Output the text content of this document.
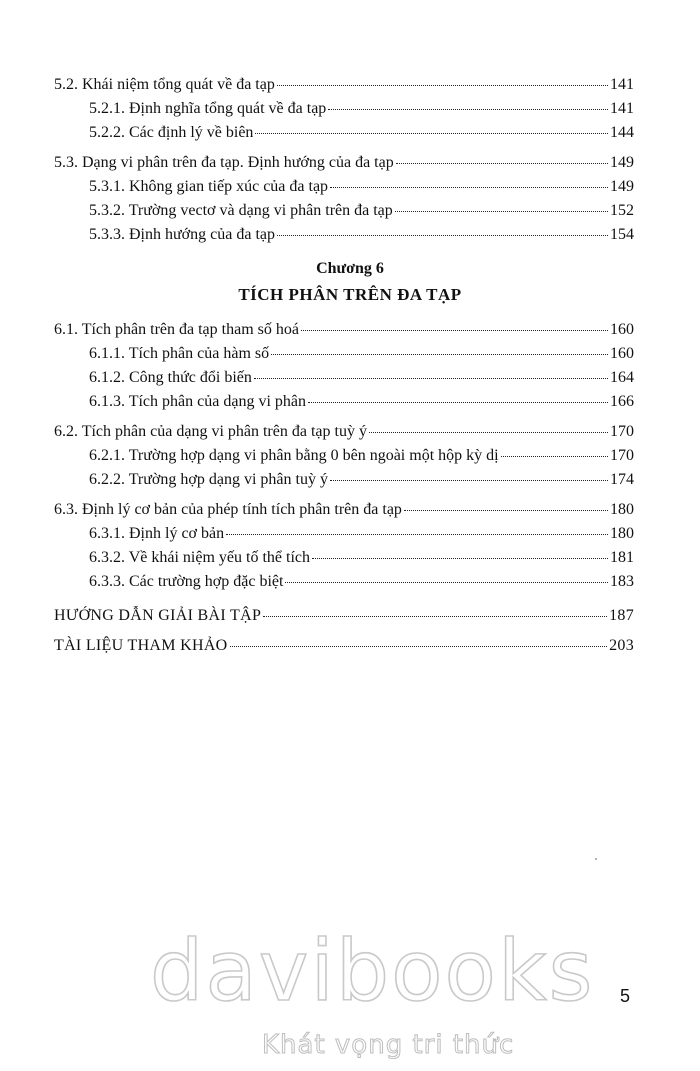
5.2. Khái niệm tổng quát về đa tạp	141
5.2.1. Định nghĩa tổng quát về đa tạp	141
5.2.2. Các định lý về biên	144
5.3. Dạng vi phân trên đa tạp. Định hướng của đa tạp	149
5.3.1. Không gian tiếp xúc của đa tạp	149
5.3.2. Trường vectơ và dạng vi phân trên đa tạp	152
5.3.3. Định hướng của đa tạp	154
Chương 6
TÍCH PHÂN TRÊN ĐA TẠP
6.1. Tích phân trên đa tạp tham số hoá	160
6.1.1. Tích phân của hàm số	160
6.1.2. Công thức đổi biến	164
6.1.3. Tích phân của dạng vi phân	166
6.2. Tích phân của dạng vi phân trên đa tạp tuỳ ý	170
6.2.1. Trường hợp dạng vi phân bằng 0 bên ngoài một hộp kỳ dị	170
6.2.2. Trường hợp dạng vi phân tuỳ ý	174
6.3. Định lý cơ bản của phép tính tích phân trên đa tạp	180
6.3.1. Định lý cơ bản	180
6.3.2. Về khái niệm yếu tố thể tích	181
6.3.3. Các trường hợp đặc biệt	183
HƯỚNG DẪN GIẢI BÀI TẬP	187
TÀI LIỆU THAM KHẢO	203
davibooks
Khát vọng tri thức
5
